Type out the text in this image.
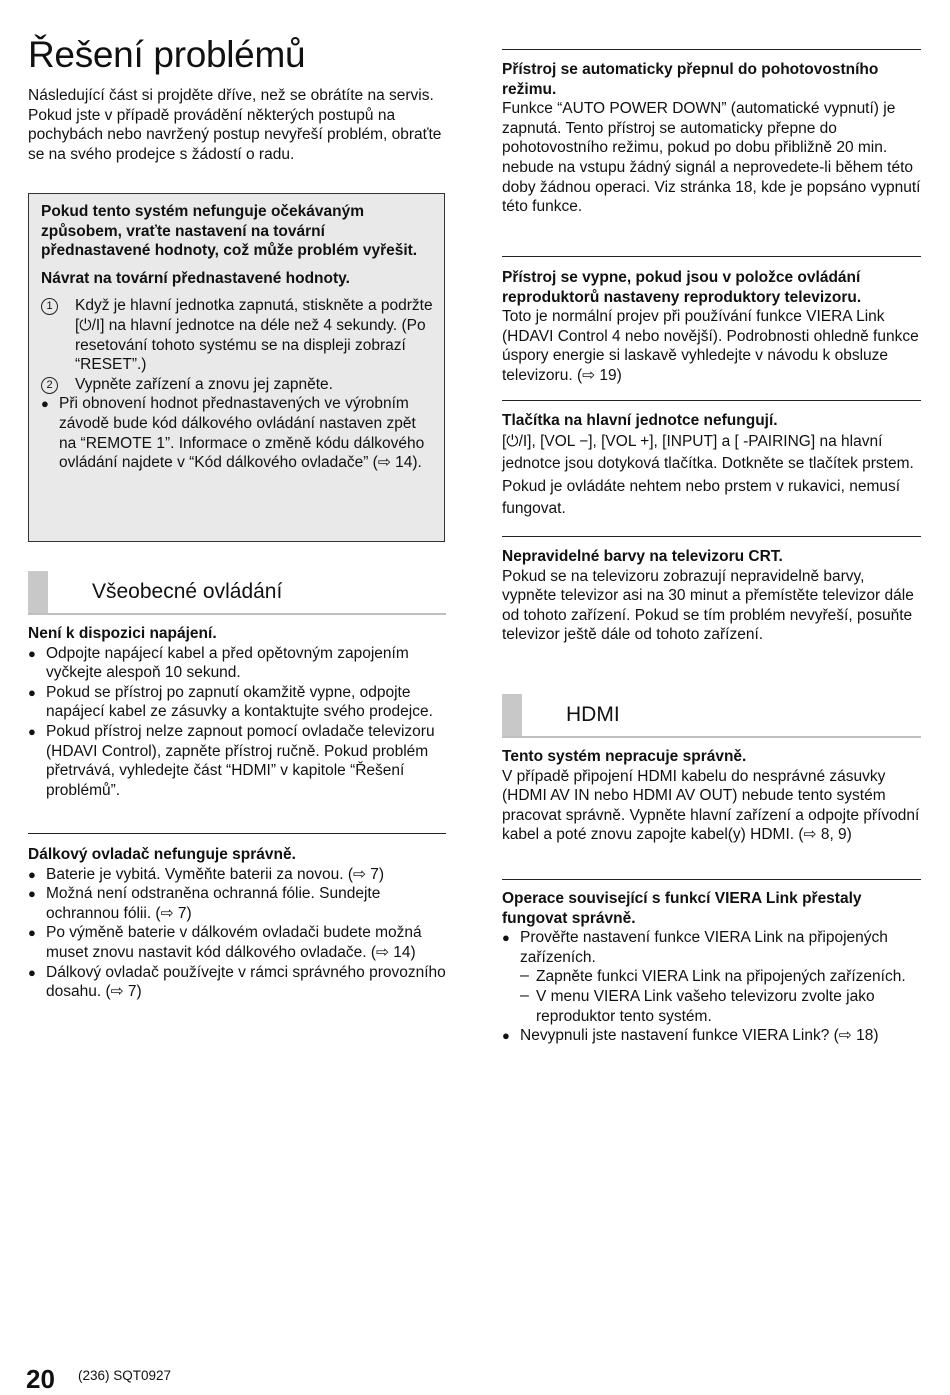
Řešení problémů

Následující část si projděte dříve, než se obrátíte na servis. Pokud jste v případě provádění některých postupů na pochybách nebo navržený postup nevyřeší problém, obraťte se na svého prodejce s žádostí o radu.

Pokud tento systém nefunguje očekávaným způsobem, vraťte nastavení na tovární přednastavené hodnoty, což může problém vyřešit.

Návrat na tovární přednastavené hodnoty.

1	Když je hlavní jednotka zapnutá, stiskněte a podržte [⏻/I] na hlavní jednotce na déle než 4 sekundy. (Po resetování tohoto systému se na displeji zobrazí “RESET”.)

2	Vypněte zařízení a znovu jej zapněte.

● Při obnovení hodnot přednastavených ve výrobním závodě bude kód dálkového ovládání nastaven zpět na “REMOTE 1”. Informace o změně kódu dálkového ovládání najdete v “Kód dálkového ovladače” (⇨ 14).

Všeobecné ovládání

Není k dispozici napájení.

● Odpojte napájecí kabel a před opětovným zapojením vyčkejte alespoň 10 sekund.

● Pokud se přístroj po zapnutí okamžitě vypne, odpojte napájecí kabel ze zásuvky a kontaktujte svého prodejce.

● Pokud přístroj nelze zapnout pomocí ovladače televizoru (HDAVI Control), zapněte přístroj ručně. Pokud problém přetrvává, vyhledejte část “HDMI” v kapitole “Řešení problémů”.

Dálkový ovladač nefunguje správně.

● Baterie je vybitá. Vyměňte baterii za novou. (⇨ 7)

● Možná není odstraněna ochranná fólie. Sundejte ochrannou fólii. (⇨ 7)

● Po výměně baterie v dálkovém ovladači budete možná muset znovu nastavit kód dálkového ovladače. (⇨ 14)

● Dálkový ovladač používejte v rámci správného provozního dosahu. (⇨ 7)

Přístroj se automaticky přepnul do pohotovostního režimu.

Funkce “AUTO POWER DOWN” (automatické vypnutí) je zapnutá. Tento přístroj se automaticky přepne do pohotovostního režimu, pokud po dobu přibližně 20 min. nebude na vstupu žádný signál a neprovedete-li během této doby žádnou operaci. Viz stránka 18, kde je popsáno vypnutí této funkce.

Přístroj se vypne, pokud jsou v položce ovládání reproduktorů nastaveny reproduktory televizoru.

Toto je normální projev při používání funkce VIERA Link (HDAVI Control 4 nebo novější). Podrobnosti ohledně funkce úspory energie si laskavě vyhledejte v návodu k obsluze televizoru. (⇨ 19)

Tlačítka na hlavní jednotce nefungují.

[⏻/I], [VOL −], [VOL +], [INPUT] a [ -PAIRING] na hlavní jednotce jsou dotyková tlačítka. Dotkněte se tlačítek prstem. Pokud je ovládáte nehtem nebo prstem v rukavici, nemusí fungovat.

Nepravidelné barvy na televizoru CRT.

Pokud se na televizoru zobrazují nepravidelně barvy, vypněte televizor asi na 30 minut a přemístěte televizor dále od tohoto zařízení. Pokud se tím problém nevyřeší, posuňte televizor ještě dále od tohoto zařízení.

HDMI

Tento systém nepracuje správně.

V případě připojení HDMI kabelu do nesprávné zásuvky (HDMI AV IN nebo HDMI AV OUT) nebude tento systém pracovat správně. Vypněte hlavní zařízení a odpojte přívodní kabel a poté znovu zapojte kabel(y) HDMI. (⇨ 8, 9)

Operace související s funkcí VIERA Link přestaly fungovat správně.

● Prověřte nastavení funkce VIERA Link na připojených zařízeních.

– Zapněte funkci VIERA Link na připojených zařízeních.

– V menu VIERA Link vašeho televizoru zvolte jako reproduktor tento systém.

● Nevypnuli jste nastavení funkce VIERA Link? (⇨ 18)

20 (236) SQT0927
